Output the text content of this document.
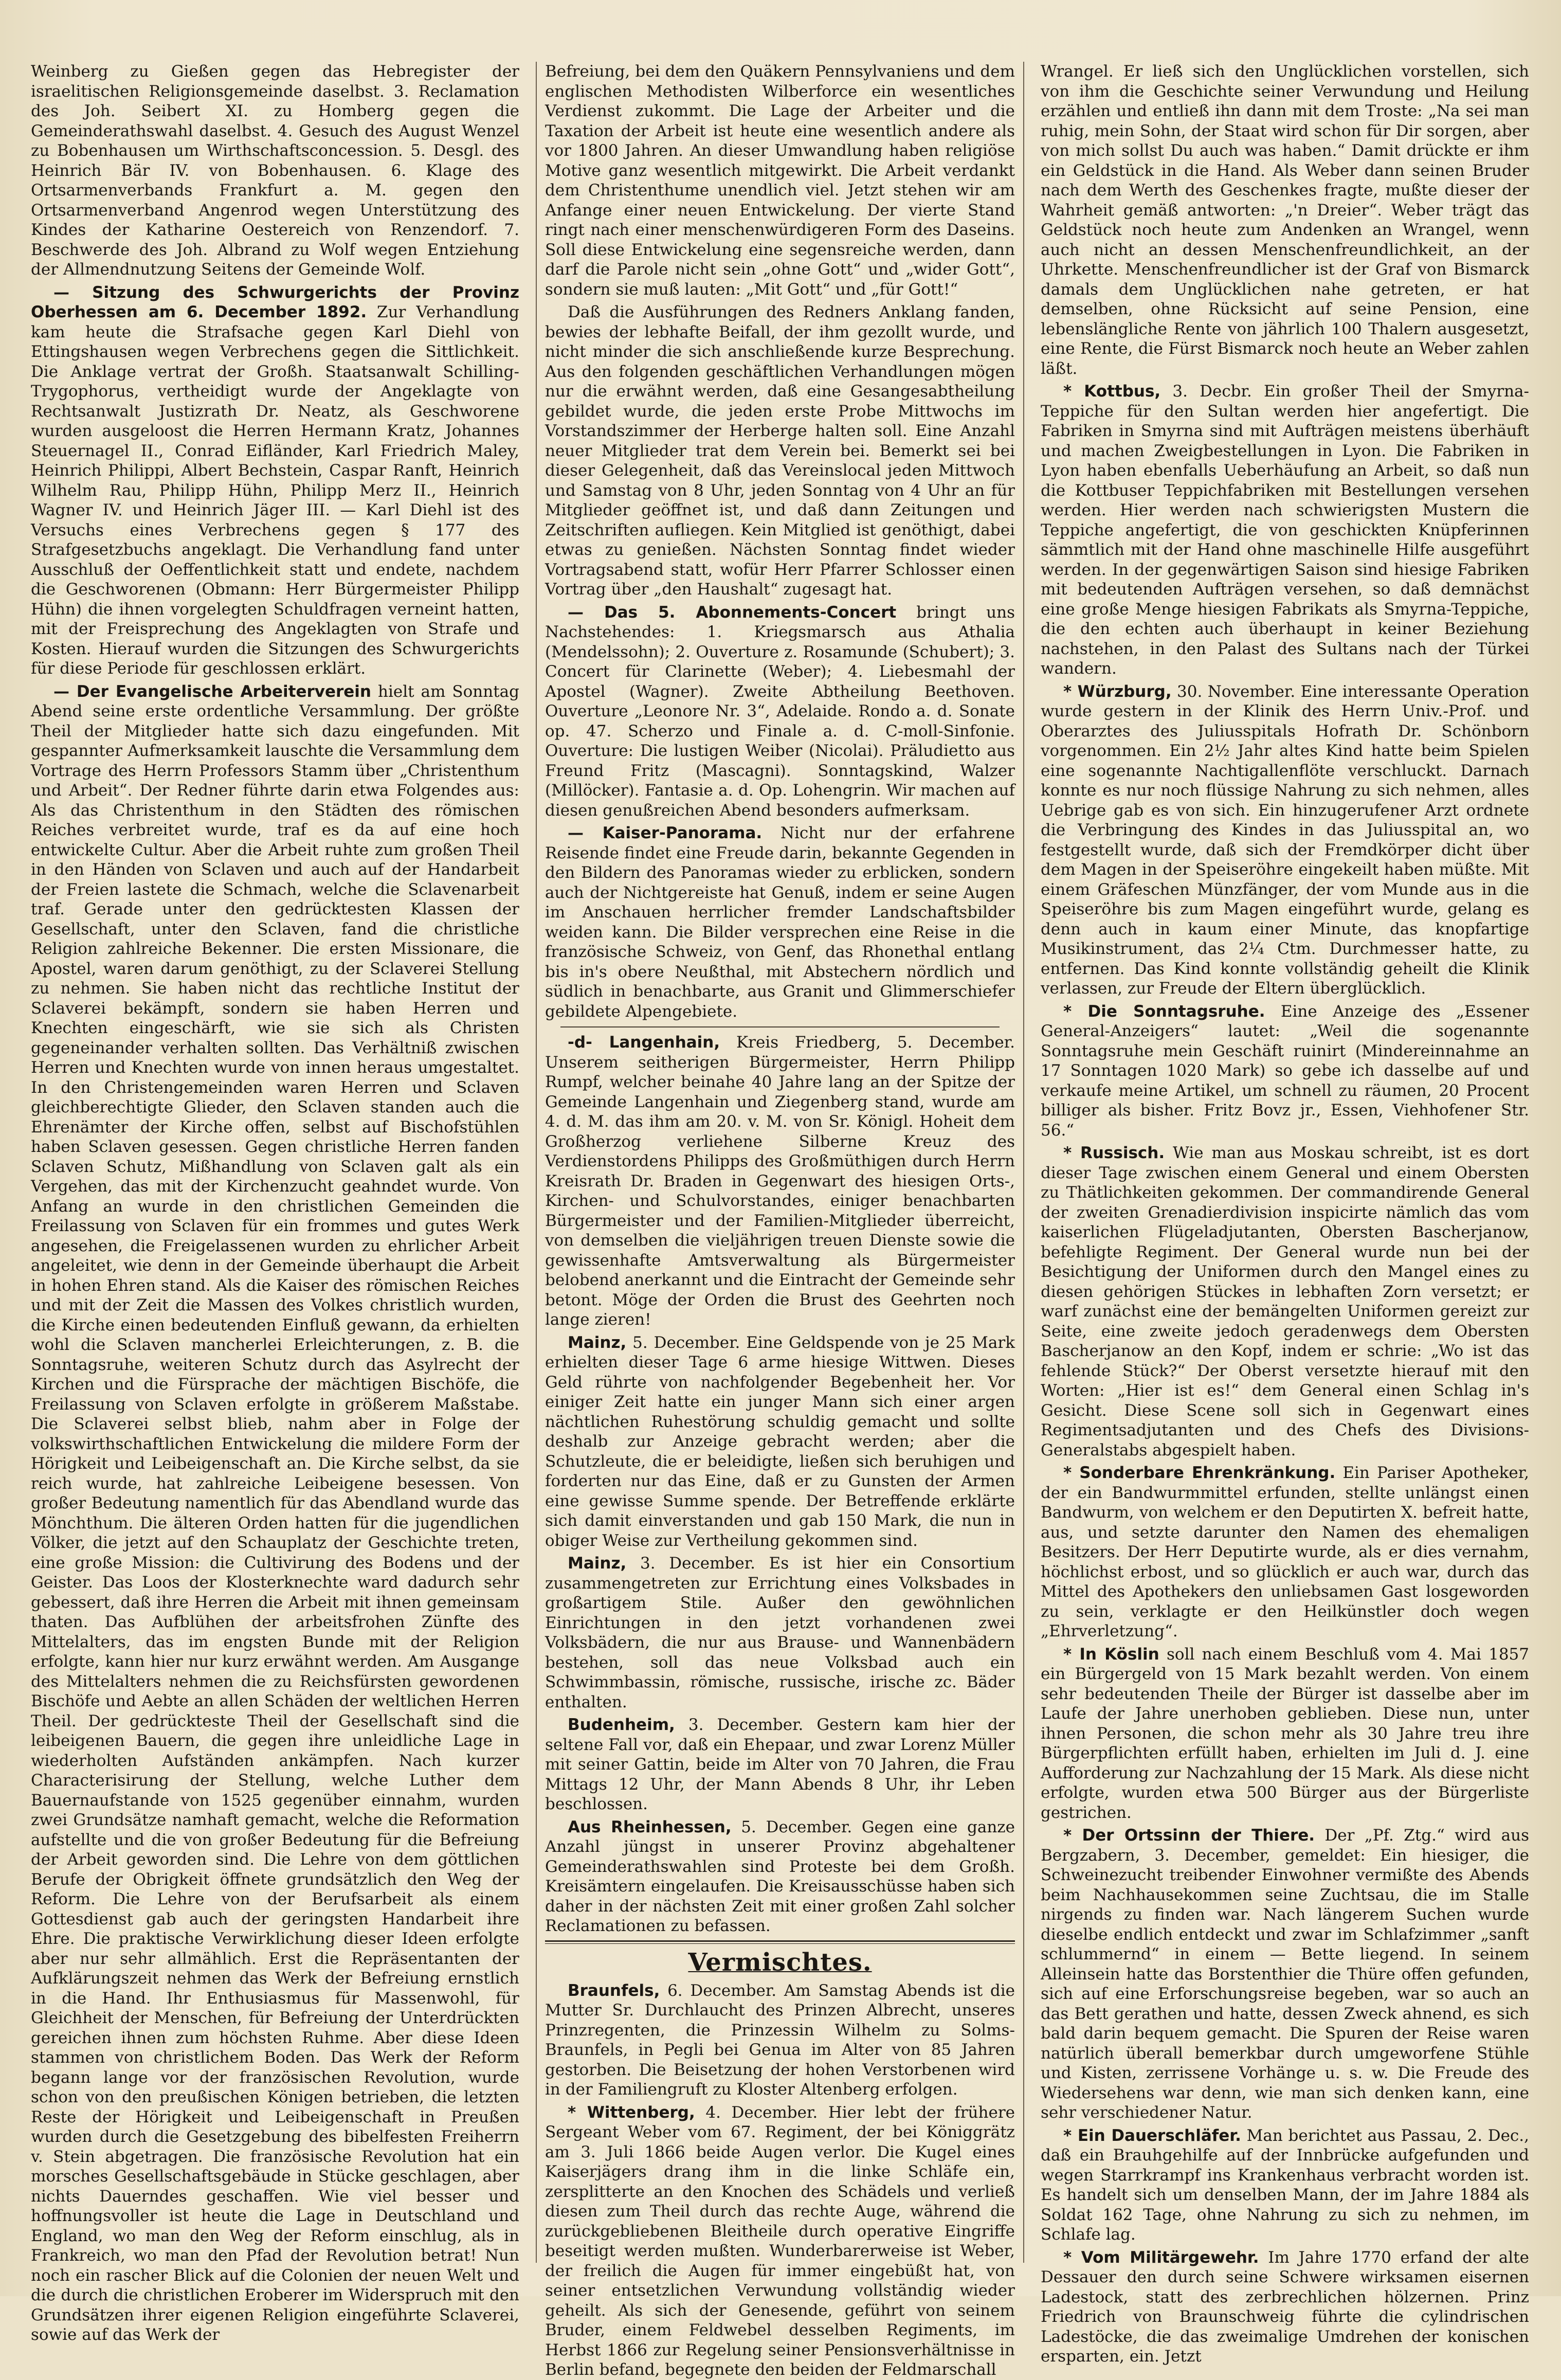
Weinberg zu Gießen gegen das Hebregister der israelitischen Religionsgemeinde daselbst. 3. Reclamation des Joh. Seibert XI. zu Homberg gegen die Gemeinderathswahl daselbst. 4. Gesuch des August Wenzel zu Bobenhausen um Wirthschaftsconcession. 5. Desgl. des Heinrich Bär IV. von Bobenhausen. 6. Klage des Ortsarmenverbands Frankfurt a. M. gegen den Ortsarmenverband Angenrod wegen Unterstützung des Kindes der Katharine Oestereich von Renzendorf. 7. Beschwerde des Joh. Albrand zu Wolf wegen Entziehung der Allmendnutzung Seitens der Gemeinde Wolf.

— Sitzung des Schwurgerichts der Provinz Oberhessen am 6. December 1892. Zur Verhandlung kam heute die Strafsache gegen Karl Diehl von Ettingshausen wegen Verbrechens gegen die Sittlichkeit. Die Anklage vertrat der Großh. Staatsanwalt Schilling-Trygophorus, vertheidigt wurde der Angeklagte von Rechtsanwalt Justizrath Dr. Neatz, als Geschworene wurden ausgeloost die Herren Hermann Kratz, Johannes Steuernagel II., Conrad Eifländer, Karl Friedrich Maley, Heinrich Philippi, Albert Bechstein, Caspar Ranft, Heinrich Wilhelm Rau, Philipp Hühn, Philipp Merz II., Heinrich Wagner IV. und Heinrich Jäger III. — Karl Diehl ist des Versuchs eines Verbrechens gegen § 177 des Strafgesetzbuchs angeklagt. Die Verhandlung fand unter Ausschluß der Oeffentlichkeit statt und endete, nachdem die Geschworenen (Obmann: Herr Bürgermeister Philipp Hühn) die ihnen vorgelegten Schuldfragen verneint hatten, mit der Freisprechung des Angeklagten von Strafe und Kosten. Hierauf wurden die Sitzungen des Schwurgerichts für diese Periode für geschlossen erklärt.

— Der Evangelische Arbeiterverein hielt am Sonntag Abend seine erste ordentliche Versammlung. Der größte Theil der Mitglieder hatte sich dazu eingefunden. Mit gespannter Aufmerksamkeit lauschte die Versammlung dem Vortrage des Herrn Professors Stamm über „Christenthum und Arbeit“. Der Redner führte darin etwa Folgendes aus: Als das Christenthum in den Städten des römischen Reiches verbreitet wurde, traf es da auf eine hoch entwickelte Cultur. Aber die Arbeit ruhte zum großen Theil in den Händen von Sclaven und auch auf der Handarbeit der Freien lastete die Schmach, welche die Sclavenarbeit traf. Gerade unter den gedrücktesten Klassen der Gesellschaft, unter den Sclaven, fand die christliche Religion zahlreiche Bekenner. Die ersten Missionare, die Apostel, waren darum genöthigt, zu der Sclaverei Stellung zu nehmen. Sie haben nicht das rechtliche Institut der Sclaverei bekämpft, sondern sie haben Herren und Knechten eingeschärft, wie sie sich als Christen gegeneinander verhalten sollten. Das Verhältniß zwischen Herren und Knechten wurde von innen heraus umgestaltet. In den Christengemeinden waren Herren und Sclaven gleichberechtigte Glieder, den Sclaven standen auch die Ehrenämter der Kirche offen, selbst auf Bischofstühlen haben Sclaven gesessen. Gegen christliche Herren fanden Sclaven Schutz, Mißhandlung von Sclaven galt als ein Vergehen, das mit der Kirchenzucht geahndet wurde. Von Anfang an wurde in den christlichen Gemeinden die Freilassung von Sclaven für ein frommes und gutes Werk angesehen, die Freigelassenen wurden zu ehrlicher Arbeit angeleitet, wie denn in der Gemeinde überhaupt die Arbeit in hohen Ehren stand. Als die Kaiser des römischen Reiches und mit der Zeit die Massen des Volkes christlich wurden, die Kirche einen bedeutenden Einfluß gewann, da erhielten wohl die Sclaven mancherlei Erleichterungen, z. B. die Sonntagsruhe, weiteren Schutz durch das Asylrecht der Kirchen und die Fürsprache der mächtigen Bischöfe, die Freilassung von Sclaven erfolgte in größerem Maßstabe. Die Sclaverei selbst blieb, nahm aber in Folge der volkswirthschaftlichen Entwickelung die mildere Form der Hörigkeit und Leibeigenschaft an. Die Kirche selbst, da sie reich wurde, hat zahlreiche Leibeigene besessen. Von großer Bedeutung namentlich für das Abendland wurde das Mönchthum. Die älteren Orden hatten für die jugendlichen Völker, die jetzt auf den Schauplatz der Geschichte treten, eine große Mission: die Cultivirung des Bodens und der Geister. Das Loos der Klosterknechte ward dadurch sehr gebessert, daß ihre Herren die Arbeit mit ihnen gemeinsam thaten. Das Aufblühen der arbeitsfrohen Zünfte des Mittelalters, das im engsten Bunde mit der Religion erfolgte, kann hier nur kurz erwähnt werden. Am Ausgange des Mittelalters nehmen die zu Reichsfürsten gewordenen Bischöfe und Aebte an allen Schäden der weltlichen Herren Theil. Der gedrückteste Theil der Gesellschaft sind die leibeigenen Bauern, die gegen ihre unleidliche Lage in wiederholten Aufständen ankämpfen. Nach kurzer Characterisirung der Stellung, welche Luther dem Bauernaufstande von 1525 gegenüber einnahm, wurden zwei Grundsätze namhaft gemacht, welche die Reformation aufstellte und die von großer Bedeutung für die Befreiung der Arbeit geworden sind. Die Lehre von dem göttlichen Berufe der Obrigkeit öffnete grundsätzlich den Weg der Reform. Die Lehre von der Berufsarbeit als einem Gottesdienst gab auch der geringsten Handarbeit ihre Ehre. Die praktische Verwirklichung dieser Ideen erfolgte aber nur sehr allmählich. Erst die Repräsentanten der Aufklärungszeit nehmen das Werk der Befreiung ernstlich in die Hand. Ihr Enthusiasmus für Massenwohl, für Gleichheit der Menschen, für Befreiung der Unterdrückten gereichen ihnen zum höchsten Ruhme. Aber diese Ideen stammen von christlichem Boden. Das Werk der Reform begann lange vor der französischen Revolution, wurde schon von den preußischen Königen betrieben, die letzten Reste der Hörigkeit und Leibeigenschaft in Preußen wurden durch die Gesetzgebung des bibelfesten Freiherrn v. Stein abgetragen. Die französische Revolution hat ein morsches Gesellschaftsgebäude in Stücke geschlagen, aber nichts Dauerndes geschaffen. Wie viel besser und hoffnungsvoller ist heute die Lage in Deutschland und England, wo man den Weg der Reform einschlug, als in Frankreich, wo man den Pfad der Revolution betrat! Nun noch ein rascher Blick auf die Colonien der neuen Welt und die durch die christlichen Eroberer im Widerspruch mit den Grundsätzen ihrer eigenen Religion eingeführte Sclaverei, sowie auf das Werk der

Befreiung, bei dem den Quäkern Pennsylvaniens und dem englischen Methodisten Wilberforce ein wesentliches Verdienst zukommt. Die Lage der Arbeiter und die Taxation der Arbeit ist heute eine wesentlich andere als vor 1800 Jahren. An dieser Umwandlung haben religiöse Motive ganz wesentlich mitgewirkt. Die Arbeit verdankt dem Christenthume unendlich viel. Jetzt stehen wir am Anfange einer neuen Entwickelung. Der vierte Stand ringt nach einer menschenwürdigeren Form des Daseins. Soll diese Entwickelung eine segensreiche werden, dann darf die Parole nicht sein „ohne Gott“ und „wider Gott“, sondern sie muß lauten: „Mit Gott“ und „für Gott!“

Daß die Ausführungen des Redners Anklang fanden, bewies der lebhafte Beifall, der ihm gezollt wurde, und nicht minder die sich anschließende kurze Besprechung. Aus den folgenden geschäftlichen Verhandlungen mögen nur die erwähnt werden, daß eine Gesangesabtheilung gebildet wurde, die jeden erste Probe Mittwochs im Vorstandszimmer der Herberge halten soll. Eine Anzahl neuer Mitglieder trat dem Verein bei. Bemerkt sei bei dieser Gelegenheit, daß das Vereinslocal jeden Mittwoch und Samstag von 8 Uhr, jeden Sonntag von 4 Uhr an für Mitglieder geöffnet ist, und daß dann Zeitungen und Zeitschriften aufliegen. Kein Mitglied ist genöthigt, dabei etwas zu genießen. Nächsten Sonntag findet wieder Vortragsabend statt, wofür Herr Pfarrer Schlosser einen Vortrag über „den Haushalt“ zugesagt hat.

— Das 5. Abonnements-Concert bringt uns Nachstehendes: 1. Kriegsmarsch aus Athalia (Mendelssohn); 2. Ouverture z. Rosamunde (Schubert); 3. Concert für Clarinette (Weber); 4. Liebesmahl der Apostel (Wagner). Zweite Abtheilung Beethoven. Ouverture „Leonore Nr. 3“, Adelaide. Rondo a. d. Sonate op. 47. Scherzo und Finale a. d. C-moll-Sinfonie. Ouverture: Die lustigen Weiber (Nicolai). Präludietto aus Freund Fritz (Mascagni). Sonntagskind, Walzer (Millöcker). Fantasie a. d. Op. Lohengrin. Wir machen auf diesen genußreichen Abend besonders aufmerksam.

— Kaiser-Panorama. Nicht nur der erfahrene Reisende findet eine Freude darin, bekannte Gegenden in den Bildern des Panoramas wieder zu erblicken, sondern auch der Nichtgereiste hat Genuß, indem er seine Augen im Anschauen herrlicher fremder Landschaftsbilder weiden kann. Die Bilder versprechen eine Reise in die französische Schweiz, von Genf, das Rhonethal entlang bis in's obere Neußthal, mit Abstechern nördlich und südlich in benachbarte, aus Granit und Glimmerschiefer gebildete Alpengebiete.

-d- Langenhain, Kreis Friedberg, 5. December. Unserem seitherigen Bürgermeister, Herrn Philipp Rumpf, welcher beinahe 40 Jahre lang an der Spitze der Gemeinde Langenhain und Ziegenberg stand, wurde am 4. d. M. das ihm am 20. v. M. von Sr. Königl. Hoheit dem Großherzog verliehene Silberne Kreuz des Verdienstordens Philipps des Großmüthigen durch Herrn Kreisrath Dr. Braden in Gegenwart des hiesigen Orts-, Kirchen- und Schulvorstandes, einiger benachbarten Bürgermeister und der Familien-Mitglieder überreicht, von demselben die vieljährigen treuen Dienste sowie die gewissenhafte Amtsverwaltung als Bürgermeister belobend anerkannt und die Eintracht der Gemeinde sehr betont. Möge der Orden die Brust des Geehrten noch lange zieren!

Mainz, 5. December. Eine Geldspende von je 25 Mark erhielten dieser Tage 6 arme hiesige Wittwen. Dieses Geld rührte von nachfolgender Begebenheit her. Vor einiger Zeit hatte ein junger Mann sich einer argen nächtlichen Ruhestörung schuldig gemacht und sollte deshalb zur Anzeige gebracht werden; aber die Schutzleute, die er beleidigte, ließen sich beruhigen und forderten nur das Eine, daß er zu Gunsten der Armen eine gewisse Summe spende. Der Betreffende erklärte sich damit einverstanden und gab 150 Mark, die nun in obiger Weise zur Vertheilung gekommen sind.

Mainz, 3. December. Es ist hier ein Consortium zusammengetreten zur Errichtung eines Volksbades in großartigem Stile. Außer den gewöhnlichen Einrichtungen in den jetzt vorhandenen zwei Volksbädern, die nur aus Brause- und Wannenbädern bestehen, soll das neue Volksbad auch ein Schwimmbassin, römische, russische, irische zc. Bäder enthalten.

Budenheim, 3. December. Gestern kam hier der seltene Fall vor, daß ein Ehepaar, und zwar Lorenz Müller mit seiner Gattin, beide im Alter von 70 Jahren, die Frau Mittags 12 Uhr, der Mann Abends 8 Uhr, ihr Leben beschlossen.

Aus Rheinhessen, 5. December. Gegen eine ganze Anzahl jüngst in unserer Provinz abgehaltener Gemeinderathswahlen sind Proteste bei dem Großh. Kreisämtern eingelaufen. Die Kreisausschüsse haben sich daher in der nächsten Zeit mit einer großen Zahl solcher Reclamationen zu befassen.

Vermischtes.

Braunfels, 6. December. Am Samstag Abends ist die Mutter Sr. Durchlaucht des Prinzen Albrecht, unseres Prinzregenten, die Prinzessin Wilhelm zu Solms-Braunfels, in Pegli bei Genua im Alter von 85 Jahren gestorben. Die Beisetzung der hohen Verstorbenen wird in der Familiengruft zu Kloster Altenberg erfolgen.

* Wittenberg, 4. December. Hier lebt der frühere Sergeant Weber vom 67. Regiment, der bei Königgrätz am 3. Juli 1866 beide Augen verlor. Die Kugel eines Kaiserjägers drang ihm in die linke Schläfe ein, zersplitterte an den Knochen des Schädels und verließ diesen zum Theil durch das rechte Auge, während die zurückgebliebenen Bleitheile durch operative Eingriffe beseitigt werden mußten. Wunderbarerweise ist Weber, der freilich die Augen für immer eingebüßt hat, von seiner entsetzlichen Verwundung vollständig wieder geheilt. Als sich der Genesende, geführt von seinem Bruder, einem Feldwebel desselben Regiments, im Herbst 1866 zur Regelung seiner Pensionsverhältnisse in Berlin befand, begegnete den beiden der Feldmarschall

Wrangel. Er ließ sich den Unglücklichen vorstellen, sich von ihm die Geschichte seiner Verwundung und Heilung erzählen und entließ ihn dann mit dem Troste: „Na sei man ruhig, mein Sohn, der Staat wird schon für Dir sorgen, aber von mich sollst Du auch was haben.“ Damit drückte er ihm ein Geldstück in die Hand. Als Weber dann seinen Bruder nach dem Werth des Geschenkes fragte, mußte dieser der Wahrheit gemäß antworten: „'n Dreier“. Weber trägt das Geldstück noch heute zum Andenken an Wrangel, wenn auch nicht an dessen Menschenfreundlichkeit, an der Uhrkette. Menschenfreundlicher ist der Graf von Bismarck damals dem Unglücklichen nahe getreten, er hat demselben, ohne Rücksicht auf seine Pension, eine lebenslängliche Rente von jährlich 100 Thalern ausgesetzt, eine Rente, die Fürst Bismarck noch heute an Weber zahlen läßt.

* Kottbus, 3. Decbr. Ein großer Theil der Smyrna-Teppiche für den Sultan werden hier angefertigt. Die Fabriken in Smyrna sind mit Aufträgen meistens überhäuft und machen Zweigbestellungen in Lyon. Die Fabriken in Lyon haben ebenfalls Ueberhäufung an Arbeit, so daß nun die Kottbuser Teppichfabriken mit Bestellungen versehen werden. Hier werden nach schwierigsten Mustern die Teppiche angefertigt, die von geschickten Knüpferinnen sämmtlich mit der Hand ohne maschinelle Hilfe ausgeführt werden. In der gegenwärtigen Saison sind hiesige Fabriken mit bedeutenden Aufträgen versehen, so daß demnächst eine große Menge hiesigen Fabrikats als Smyrna-Teppiche, die den echten auch überhaupt in keiner Beziehung nachstehen, in den Palast des Sultans nach der Türkei wandern.

* Würzburg, 30. November. Eine interessante Operation wurde gestern in der Klinik des Herrn Univ.-Prof. und Oberarztes des Juliusspitals Hofrath Dr. Schönborn vorgenommen. Ein 2½ Jahr altes Kind hatte beim Spielen eine sogenannte Nachtigallenflöte verschluckt. Darnach konnte es nur noch flüssige Nahrung zu sich nehmen, alles Uebrige gab es von sich. Ein hinzugerufener Arzt ordnete die Verbringung des Kindes in das Juliusspital an, wo festgestellt wurde, daß sich der Fremdkörper dicht über dem Magen in der Speiseröhre eingekeilt haben müßte. Mit einem Gräfeschen Münzfänger, der vom Munde aus in die Speiseröhre bis zum Magen eingeführt wurde, gelang es denn auch in kaum einer Minute, das knopfartige Musikinstrument, das 2¼ Ctm. Durchmesser hatte, zu entfernen. Das Kind konnte vollständig geheilt die Klinik verlassen, zur Freude der Eltern überglücklich.

* Die Sonntagsruhe. Eine Anzeige des „Essener General-Anzeigers“ lautet: „Weil die sogenannte Sonntagsruhe mein Geschäft ruinirt (Mindereinnahme an 17 Sonntagen 1020 Mark) so gebe ich dasselbe auf und verkaufe meine Artikel, um schnell zu räumen, 20 Procent billiger als bisher. Fritz Bovz jr., Essen, Viehhofener Str. 56.“

* Russisch. Wie man aus Moskau schreibt, ist es dort dieser Tage zwischen einem General und einem Obersten zu Thätlichkeiten gekommen. Der commandirende General der zweiten Grenadierdivision inspicirte nämlich das vom kaiserlichen Flügeladjutanten, Obersten Bascherjanow, befehligte Regiment. Der General wurde nun bei der Besichtigung der Uniformen durch den Mangel eines zu diesen gehörigen Stückes in lebhaften Zorn versetzt; er warf zunächst eine der bemängelten Uniformen gereizt zur Seite, eine zweite jedoch geradenwegs dem Obersten Bascherjanow an den Kopf, indem er schrie: „Wo ist das fehlende Stück?“ Der Oberst versetzte hierauf mit den Worten: „Hier ist es!“ dem General einen Schlag in's Gesicht. Diese Scene soll sich in Gegenwart eines Regimentsadjutanten und des Chefs des Divisions-Generalstabs abgespielt haben.

* Sonderbare Ehrenkränkung. Ein Pariser Apotheker, der ein Bandwurmmittel erfunden, stellte unlängst einen Bandwurm, von welchem er den Deputirten X. befreit hatte, aus, und setzte darunter den Namen des ehemaligen Besitzers. Der Herr Deputirte wurde, als er dies vernahm, höchlichst erbost, und so glücklich er auch war, durch das Mittel des Apothekers den unliebsamen Gast losgeworden zu sein, verklagte er den Heilkünstler doch wegen „Ehrverletzung“.

* In Köslin soll nach einem Beschluß vom 4. Mai 1857 ein Bürgergeld von 15 Mark bezahlt werden. Von einem sehr bedeutenden Theile der Bürger ist dasselbe aber im Laufe der Jahre unerhoben geblieben. Diese nun, unter ihnen Personen, die schon mehr als 30 Jahre treu ihre Bürgerpflichten erfüllt haben, erhielten im Juli d. J. eine Aufforderung zur Nachzahlung der 15 Mark. Als diese nicht erfolgte, wurden etwa 500 Bürger aus der Bürgerliste gestrichen.

* Der Ortssinn der Thiere. Der „Pf. Ztg.“ wird aus Bergzabern, 3. December, gemeldet: Ein hiesiger, die Schweinezucht treibender Einwohner vermißte des Abends beim Nachhausekommen seine Zuchtsau, die im Stalle nirgends zu finden war. Nach längerem Suchen wurde dieselbe endlich entdeckt und zwar im Schlafzimmer „sanft schlummernd“ in einem — Bette liegend. In seinem Alleinsein hatte das Borstenthier die Thüre offen gefunden, sich auf eine Erforschungsreise begeben, war so auch an das Bett gerathen und hatte, dessen Zweck ahnend, es sich bald darin bequem gemacht. Die Spuren der Reise waren natürlich überall bemerkbar durch umgeworfene Stühle und Kisten, zerrissene Vorhänge u. s. w. Die Freude des Wiedersehens war denn, wie man sich denken kann, eine sehr verschiedener Natur.

* Ein Dauerschläfer. Man berichtet aus Passau, 2. Dec., daß ein Brauhgehilfe auf der Innbrücke aufgefunden und wegen Starrkrampf ins Krankenhaus verbracht worden ist. Es handelt sich um denselben Mann, der im Jahre 1884 als Soldat 162 Tage, ohne Nahrung zu sich zu nehmen, im Schlafe lag.

* Vom Militärgewehr. Im Jahre 1770 erfand der alte Dessauer den durch seine Schwere wirksamen eisernen Ladestock, statt des zerbrechlichen hölzernen. Prinz Friedrich von Braunschweig führte die cylindrischen Ladestöcke, die das zweimalige Umdrehen der konischen ersparten, ein. Jetzt
